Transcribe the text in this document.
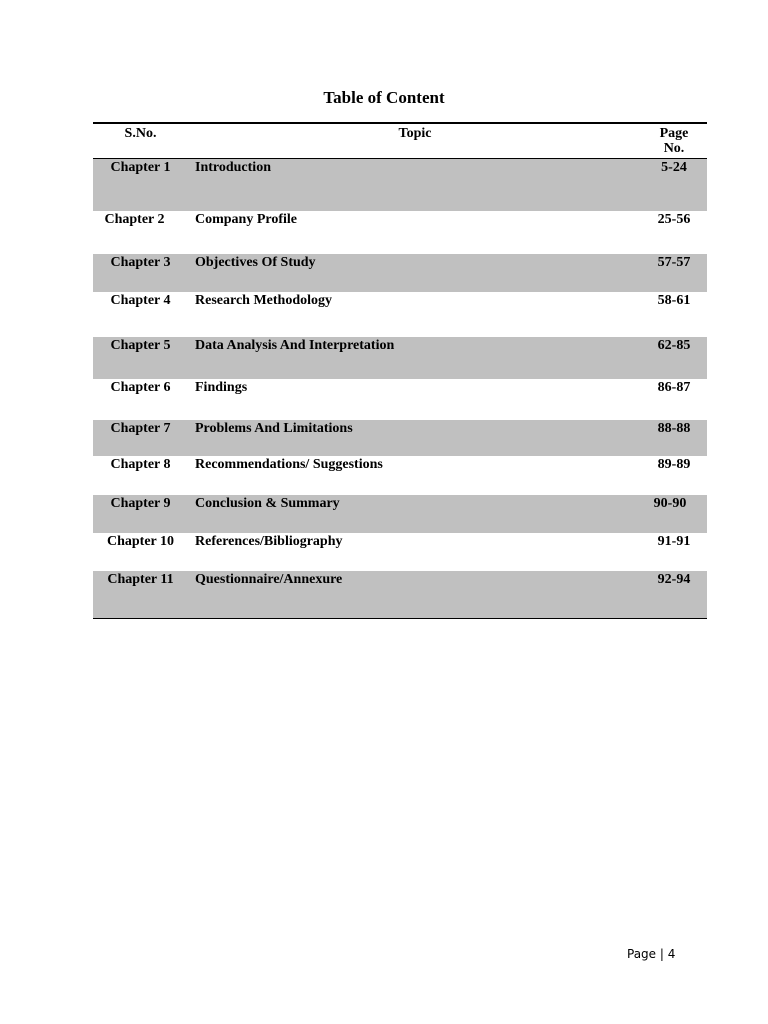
Table of Content
S.No.	Topic	Page
No.
Chapter 1	Introduction	5-24
Chapter 2	Company Profile	25-56
Chapter 3	Objectives Of Study	57-57
Chapter 4	Research Methodology	58-61
Chapter 5	Data Analysis And Interpretation	62-85
Chapter 6	Findings	86-87
Chapter 7	Problems And Limitations	88-88
Chapter 8	Recommendations/ Suggestions	89-89
Chapter 9	Conclusion & Summary	90-90
Chapter 10	References/Bibliography	91-91
Chapter 11	Questionnaire/Annexure	92-94
Page | 4
